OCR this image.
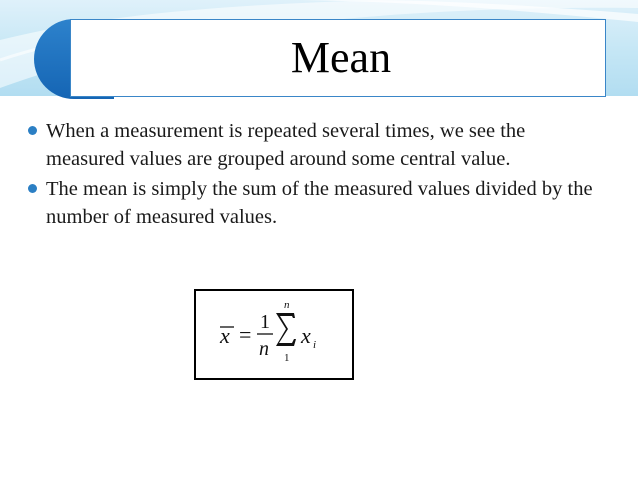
Mean
When a measurement is repeated several times, we see the measured values are grouped around some central value.
The mean is simply the sum of the measured values divided by the number of measured values.
x = 1
n
n
1
x i
